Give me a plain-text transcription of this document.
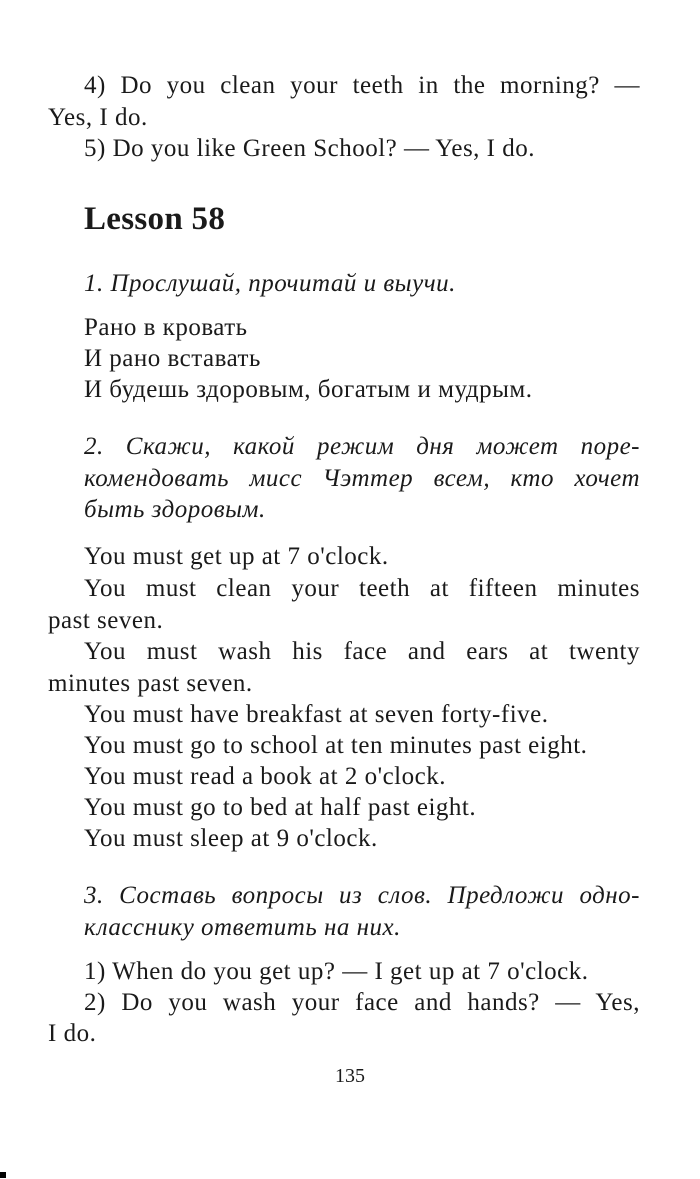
4) Do you clean your teeth in the morning? —
Yes, I do.
5) Do you like Green School? — Yes, I do.
Lesson 58
1. Прослушай, прочитай и выучи.
Рано в кровать
И рано вставать
И будешь здоровым, богатым и мудрым.
2. Скажи, какой режим дня может поре-
комендовать мисс Чэттер всем, кто хочет
быть здоровым.
You must get up at 7 o'clock.
You must clean your teeth at fifteen minutes
past seven.
You must wash his face and ears at twenty
minutes past seven.
You must have breakfast at seven forty-five.
You must go to school at ten minutes past eight.
You must read a book at 2 o'clock.
You must go to bed at half past eight.
You must sleep at 9 o'clock.
3. Составь вопросы из слов. Предложи одно-
класснику ответить на них.
1) When do you get up? — I get up at 7 o'clock.
2) Do you wash your face and hands? — Yes,
I do.
135
